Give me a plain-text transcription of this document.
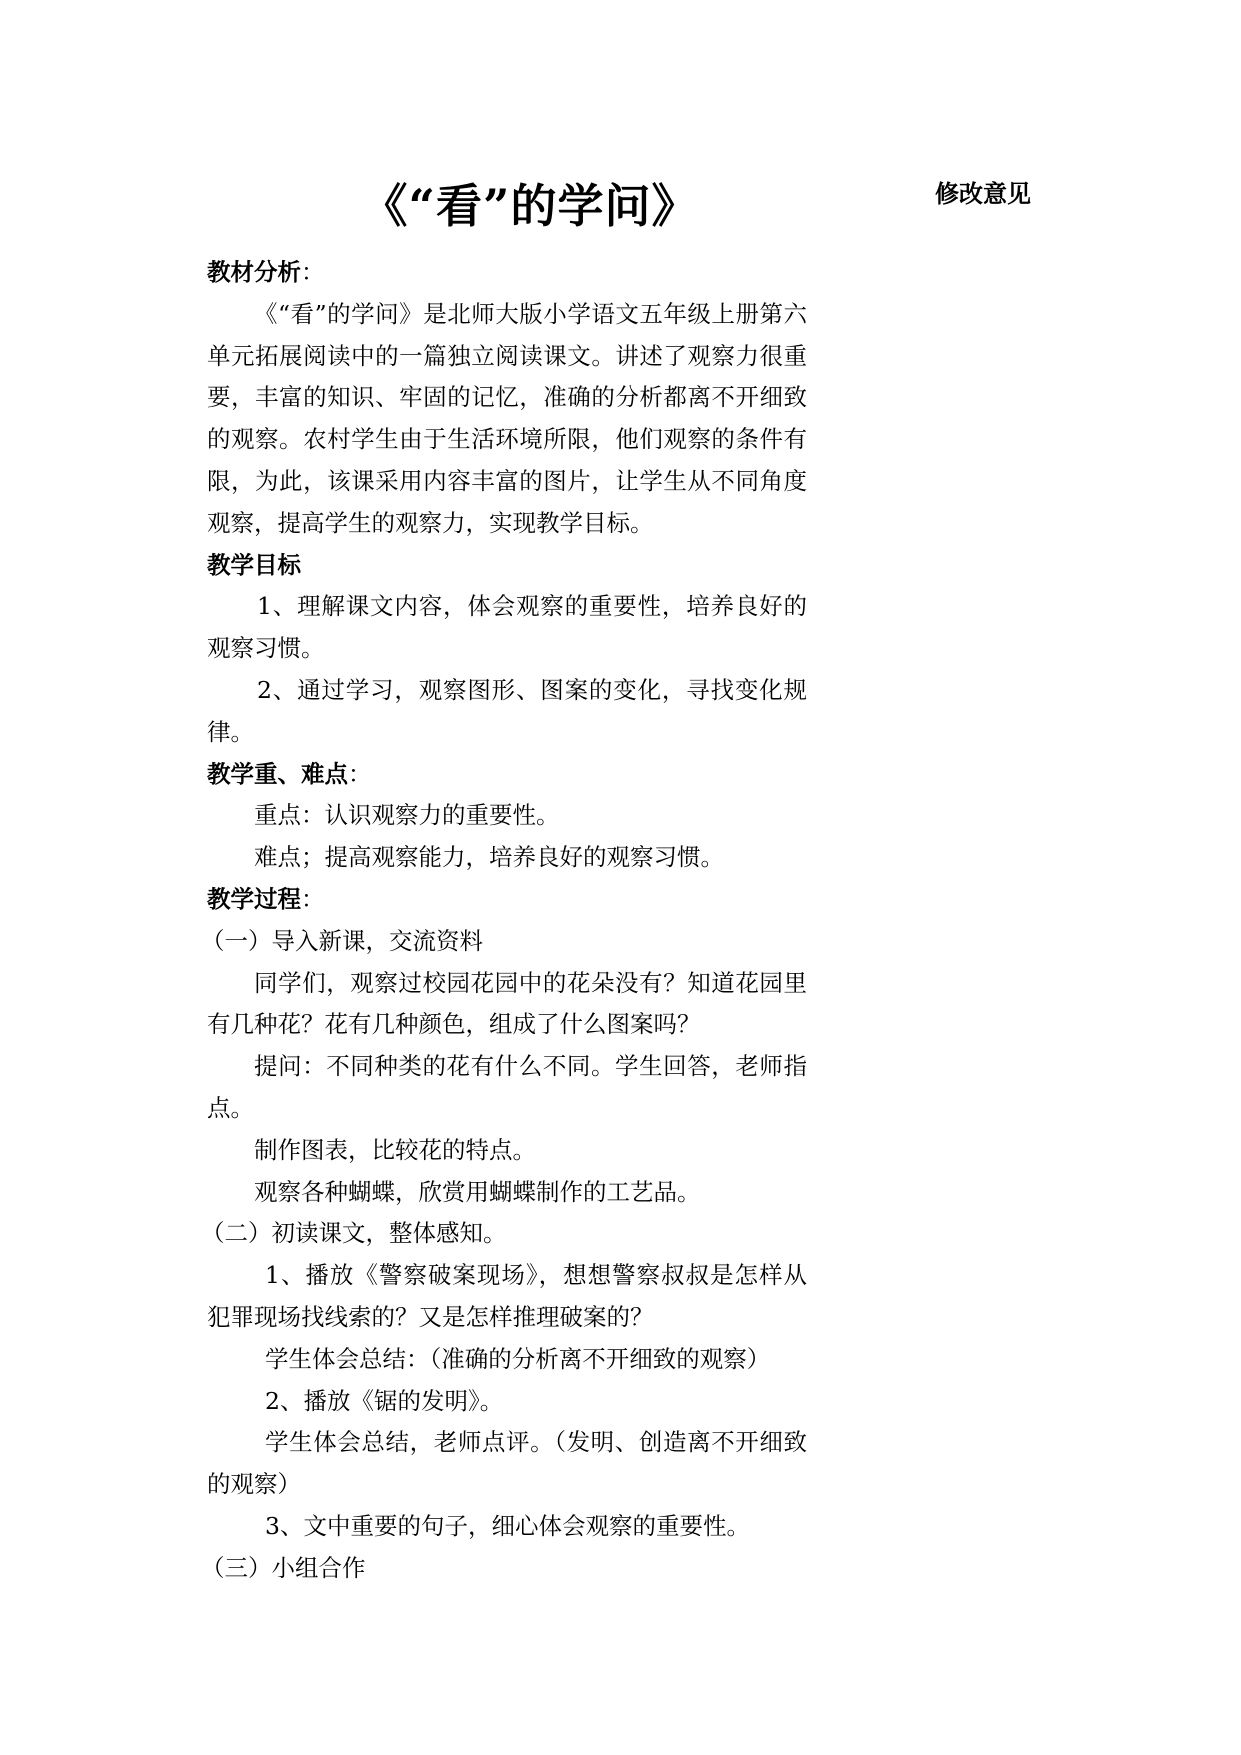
《“看”的学问》	修改意见

教材分析：

《“看”的学问》是北师大版小学语文五年级上册第六单元拓展阅读中的一篇独立阅读课文。讲述了观察力很重要，丰富的知识、牢固的记忆，准确的分析都离不开细致的观察。农村学生由于生活环境所限，他们观察的条件有限，为此，该课采用内容丰富的图片，让学生从不同角度观察，提高学生的观察力，实现教学目标。

教学目标

1、理解课文内容，体会观察的重要性，培养良好的观察习惯。

2、通过学习，观察图形、图案的变化，寻找变化规律。

教学重、难点：

重点：认识观察力的重要性。

难点；提高观察能力，培养良好的观察习惯。

教学过程：

（一）导入新课，交流资料

同学们，观察过校园花园中的花朵没有？知道花园里有几种花？花有几种颜色，组成了什么图案吗？

提问：不同种类的花有什么不同。学生回答，老师指点。

制作图表，比较花的特点。

观察各种蝴蝶，欣赏用蝴蝶制作的工艺品。

（二）初读课文，整体感知。

1、播放《警察破案现场》，想想警察叔叔是怎样从犯罪现场找线索的？又是怎样推理破案的？

学生体会总结：（准确的分析离不开细致的观察）

2、播放《锯的发明》。

学生体会总结，老师点评。（发明、创造离不开细致的观察）

3、文中重要的句子，细心体会观察的重要性。

（三）小组合作
